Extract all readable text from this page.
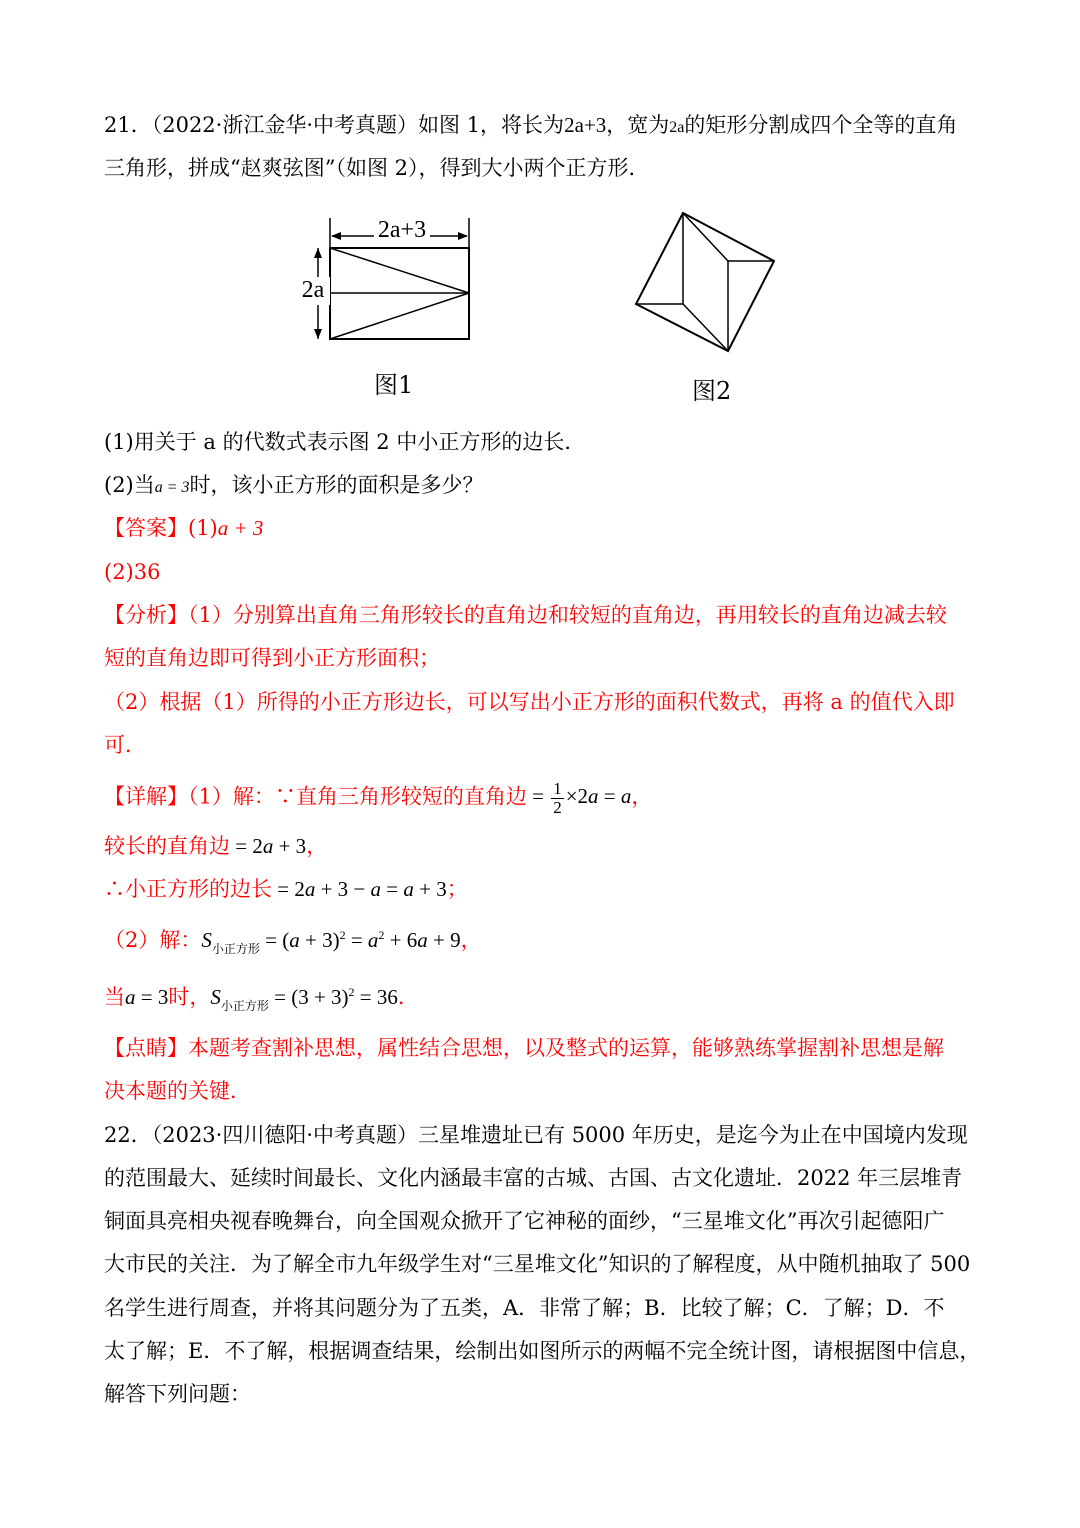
21．（2022·浙江金华·中考真题）如图 1，将长为2a+3，宽为2a的矩形分割成四个全等的直角
三角形，拼成“赵爽弦图”（如图 2），得到大小两个正方形．
2a+3
2a
图1	图2
(1)用关于 a 的代数式表示图 2 中小正方形的边长．
(2)当a = 3时，该小正方形的面积是多少？
【答案】(1)a + 3
(2)36
【分析】（1）分别算出直角三角形较长的直角边和较短的直角边，再用较长的直角边减去较
短的直角边即可得到小正方形面积；
（2）根据（1）所得的小正方形边长，可以写出小正方形的面积代数式，再将 a 的值代入即
可．
【详解】（1）解：∵直角三角形较短的直角边 = $\frac{1}{2} \times 2a = a$，
较长的直角边 = 2a + 3，
∴小正方形的边长 = 2a + 3 − a = a + 3；
（2）解：$S_{小正方形} = (a + 3)^2 = a^2 + 6a + 9$，
当a = 3时，$S_{小正方形} = (3 + 3)^2 = 36$．
【点睛】本题考查割补思想，属性结合思想，以及整式的运算，能够熟练掌握割补思想是解
决本题的关键．
22．（2023·四川德阳·中考真题）三星堆遗址已有 5000 年历史，是迄今为止在中国境内发现
的范围最大、延续时间最长、文化内涵最丰富的古城、古国、古文化遗址．2022 年三层堆青
铜面具亮相央视春晚舞台，向全国观众掀开了它神秘的面纱，“三星堆文化”再次引起德阳广
大市民的关注．为了解全市九年级学生对“三星堆文化”知识的了解程度，从中随机抽取了 500
名学生进行周查，并将其问题分为了五类，A．非常了解；B．比较了解；C．了解；D．不
太了解；E．不了解，根据调查结果，绘制出如图所示的两幅不完全统计图，请根据图中信息，
解答下列问题：
